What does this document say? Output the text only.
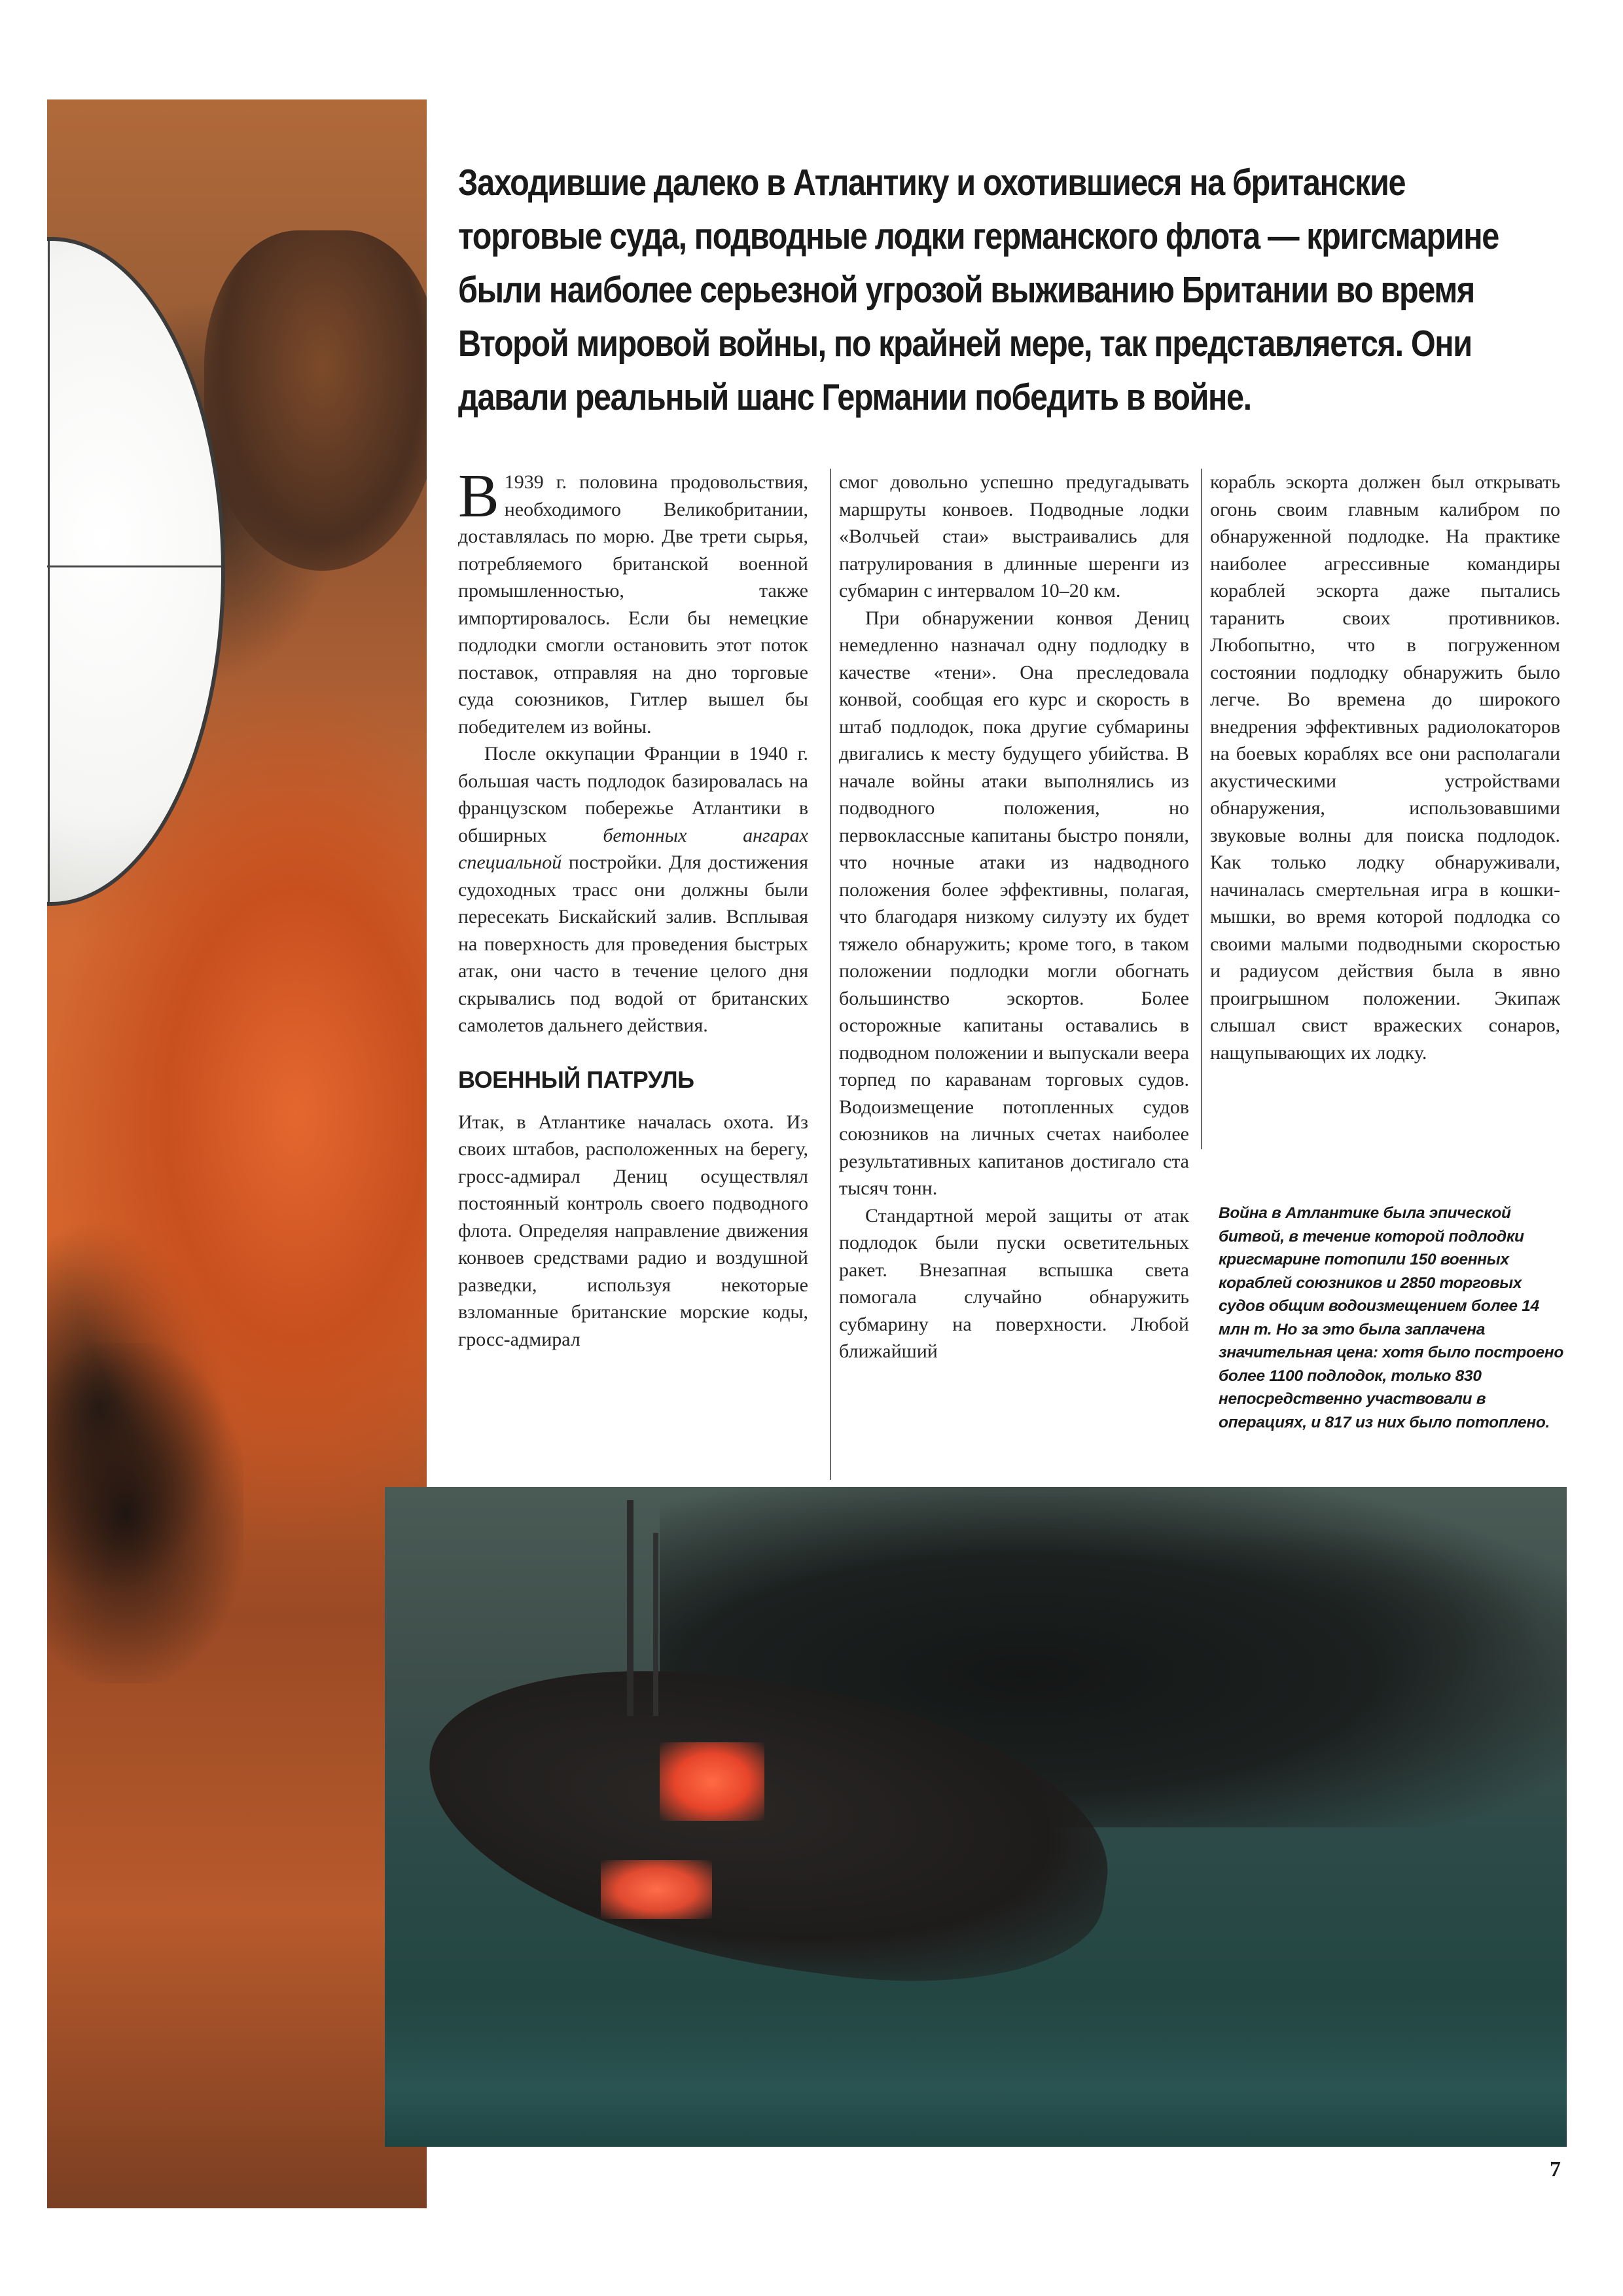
Заходившие далеко в Атлантику и охотившиеся на британские торговые суда, подводные лодки германского флота — кригсмарине были наиболее серьезной угрозой выживанию Британии во время Второй мировой войны, по крайней мере, так представляется. Они давали реальный шанс Германии победить в войне.

В 1939 г. половина продовольствия, необходимого Великобритании, доставлялась по морю. Две трети сырья, потребляемого британской военной промышленностью, также импортировалось. Если бы немецкие подлодки смогли остановить этот поток поставок, отправляя на дно торговые суда союзников, Гитлер вышел бы победителем из войны.

После оккупации Франции в 1940 г. большая часть подлодок базировалась на французском побережье Атлантики в обширных	бетонных ангарах специальной постройки. Для достижения судоходных трасс они должны были пересекать Бискайский залив. Всплывая на поверхность для проведения быстрых атак, они часто в течение целого дня скрывались под водой от британских самолетов дальнего действия.

ВОЕННЫЙ ПАТРУЛЬ

Итак, в Атлантике началась охота. Из своих штабов, расположенных на берегу, гросс-адмирал Дениц осуществлял постоянный контроль своего подводного флота. Определяя направление движения конвоев средствами радио и воздушной разведки, используя некоторые взломанные британские морские коды, гросс-адмирал

смог довольно успешно предугадывать маршруты конвоев. Подводные лодки «Волчьей стаи» выстраивались для патрулирования в длинные шеренги из субмарин с интервалом 10–20 км.

При обнаружении конвоя Дениц немедленно назначал одну подлодку в качестве «тени». Она преследовала конвой, сообщая его курс и скорость в штаб подлодок, пока другие субмарины двигались к месту будущего убийства. В начале войны атаки выполнялись из подводного положения, но первоклассные капитаны быстро поняли, что ночные атаки из надводного положения более эффективны, полагая, что благодаря низкому силуэту их будет тяжело обнаружить; кроме того, в таком положении подлодки могли обогнать большинство эскортов. Более осторожные капитаны оставались в подводном положении и выпускали веера торпед по караванам торговых судов. Водоизмещение потопленных судов союзников на личных счетах наиболее результативных капитанов достигало ста тысяч тонн.

Стандартной мерой защиты от атак подлодок были пуски осветительных ракет. Внезапная вспышка света помогала случайно обнаружить субмарину на поверхности. Любой ближайший

корабль эскорта должен был открывать огонь своим главным калибром по обнаруженной подлодке. На практике наиболее агрессивные командиры кораблей эскорта даже пытались таранить своих противников. Любопытно, что в погруженном состоянии подлодку обнаружить было легче. Во времена до широкого внедрения эффективных радиолокаторов на боевых кораблях все они располагали акустическими устройствами обнаружения, использовавшими звуковые волны для поиска подлодок. Как только лодку обнаруживали, начиналась смертельная игра в кошки-мышки, во время которой подлодка со своими малыми подводными скоростью и радиусом действия была в явно проигрышном положении. Экипаж слышал свист вражеских сонаров, нащупывающих их лодку.

Война в Атлантике была эпической битвой, в течение которой подлодки кригсмарине потопили 150 военных кораблей союзников и 2850 торговых судов общим водоизмещением более 14 млн т. Но за это была заплачена значительная цена: хотя было построено более 1100 подлодок, только 830 непосредственно участвовали в операциях, и 817 из них было потоплено.
7
